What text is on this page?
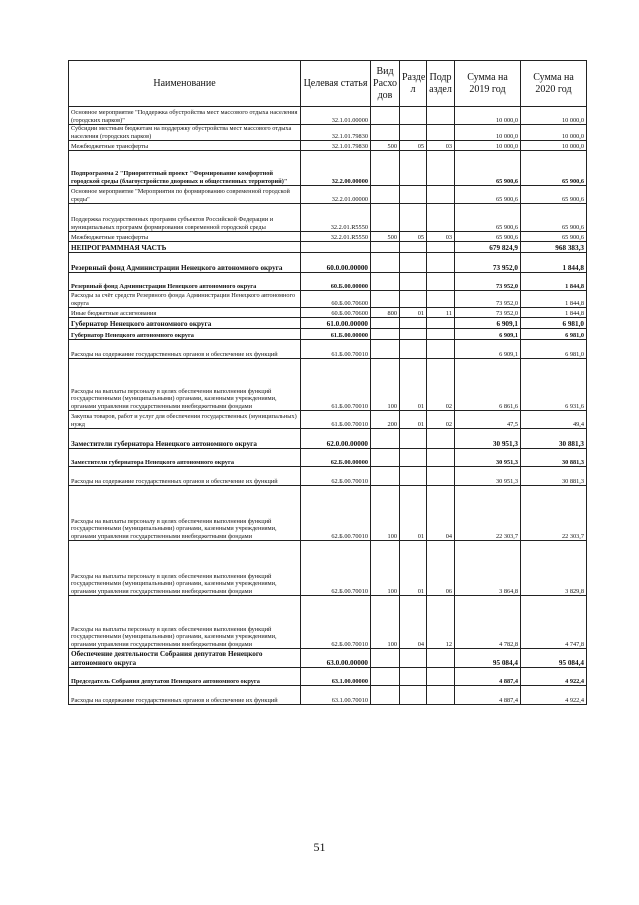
Наименование	Целевая статья	Вид Расхо дов	Разде л	Подр аздел	Сумма на 2019 год	Сумма на 2020 год
Основное мероприятие "Поддержка обустройства мест массового отдыха населения (городских парков)"	32.1.01.00000				10 000,0	10 000,0
Субсидии местным бюджетам на поддержку обустройства мест массового отдыха населения (городских парков)	32.1.01.79830				10 000,0	10 000,0
Межбюджетные трансферты	32.1.01.79830	500	05	03	10 000,0	10 000,0
Подпрограмма 2 "Приоритетный проект "Формирование комфортной городской среды (благоустройство дворовых и общественных территорий)"	32.2.00.00000				65 900,6	65 900,6
Основное мероприятие "Мероприятия по формированию современной городской среды"	32.2.01.00000				65 900,6	65 900,6
Поддержка государственных программ субъектов Российской Федерации и муниципальных программ формирования современной городской среды	32.2.01.R5550				65 900,6	65 900,6
Межбюджетные трансферты	32.2.01.R5550	500	05	03	65 900,6	65 900,6
НЕПРОГРАММНАЯ ЧАСТЬ					679 824,9	968 383,3
Резервный фонд Администрации Ненецкого автономного округа	60.0.00.00000				73 952,0	1 844,8
Резервный фонд Администрации Ненецкого автономного округа	60.Б.00.00000				73 952,0	1 844,8
Расходы за счёт средств Резервного фонда Администрации Ненецкого автономного округа	60.Б.00.70600				73 952,0	1 844,8
Иные бюджетные ассигнования	60.Б.00.70600	800	01	11	73 952,0	1 844,8
Губернатор Ненецкого автономного округа	61.0.00.00000				6 909,1	6 981,0
Губернатор Ненецкого автономного округа	61.Б.00.00000				6 909,1	6 981,0
Расходы на содержание государственных органов и обеспечение их функций	61.Б.00.70010				6 909,1	6 981,0
Расходы на выплаты персоналу в целях обеспечения выполнения функций государственными (муниципальными) органами, казенными учреждениями, органами управления государственными внебюджетными фондами	61.Б.00.70010	100	01	02	6 861,6	6 931,6
Закупка товаров, работ и услуг для обеспечения государственных (муниципальных) нужд	61.Б.00.70010	200	01	02	47,5	49,4
Заместители губернатора Ненецкого автономного округа	62.0.00.00000				30 951,3	30 881,3
Заместители губернатора Ненецкого автономного округа	62.Б.00.00000				30 951,3	30 881,3
Расходы на содержание государственных органов и обеспечение их функций	62.Б.00.70010				30 951,3	30 881,3
Расходы на выплаты персоналу в целях обеспечения выполнения функций государственными (муниципальными) органами, казенными учреждениями, органами управления государственными внебюджетными фондами	62.Б.00.70010	100	01	04	22 303,7	22 303,7
Расходы на выплаты персоналу в целях обеспечения выполнения функций государственными (муниципальными) органами, казенными учреждениями, органами управления государственными внебюджетными фондами	62.Б.00.70010	100	01	06	3 864,8	3 829,8
Расходы на выплаты персоналу в целях обеспечения выполнения функций государственными (муниципальными) органами, казенными учреждениями, органами управления государственными внебюджетными фондами	62.Б.00.70010	100	04	12	4 782,8	4 747,8
Обеспечение деятельности Собрания депутатов Ненецкого автономного округа	63.0.00.00000				95 084,4	95 084,4
Председатель Собрания депутатов Ненецкого автономного округа	63.1.00.00000				4 887,4	4 922,4
Расходы на содержание государственных органов и обеспечение их функций	63.1.00.70010				4 887,4	4 922,4
51
